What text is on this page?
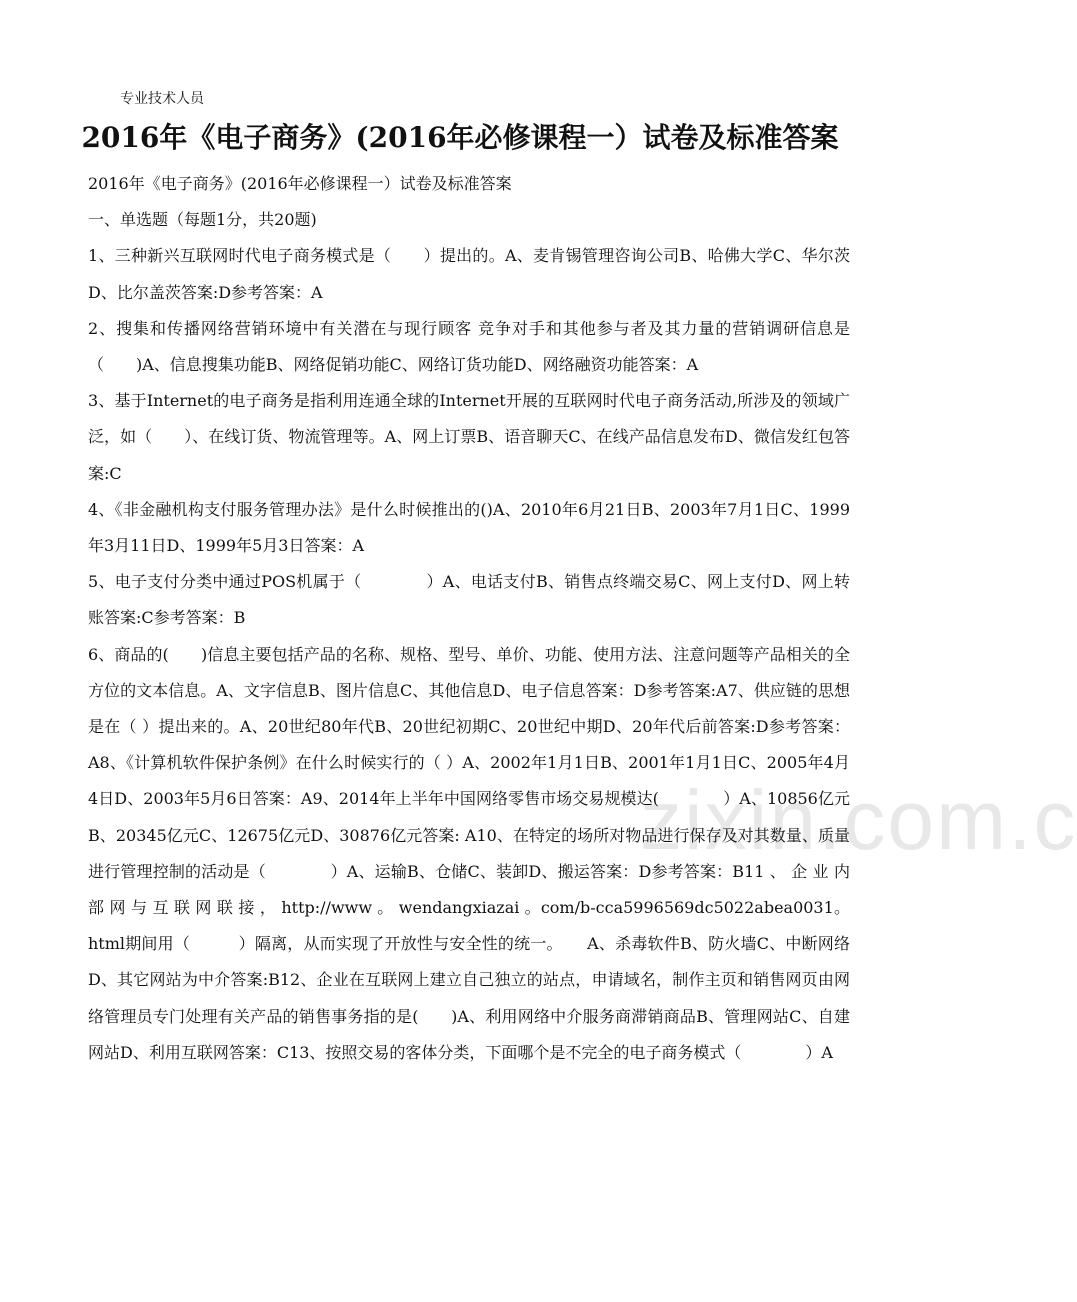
zixin.com.c
专业技术人员
2016年《电子商务》(2016年必修课程一）试卷及标准答案

2016年《电子商务》(2016年必修课程一）试卷及标准答案

一、单选题（每题1分，共20题)

1、三种新兴互联网时代电子商务模式是（　　）提出的。A、麦肯锡管理咨询公司B、哈佛大学C、华尔茨D、比尔盖茨答案:D参考答案：A

2、搜集和传播网络营销环境中有关潜在与现行顾客 竞争对手和其他参与者及其力量的营销调研信息是（　　)A、信息搜集功能B、网络促销功能C、网络订货功能D、网络融资功能答案：A

3、基于Internet的电子商务是指利用连通全球的Internet开展的互联网时代电子商务活动,所涉及的领域广泛，如（　　）、在线订货、物流管理等。A、网上订票B、语音聊天C、在线产品信息发布D、微信发红包答案:C

4、《非金融机构支付服务管理办法》是什么时候推出的()A、2010年6月21日B、2003年7月1日C、1999年3月11日D、1999年5月3日答案：A

5、电子支付分类中通过POS机属于（　　　　）A、电话支付B、销售点终端交易C、网上支付D、网上转账答案:C参考答案：B

6、商品的(　　)信息主要包括产品的名称、规格、型号、单价、功能、使用方法、注意问题等产品相关的全方位的文本信息。A、文字信息B、图片信息C、其他信息D、电子信息答案：D参考答案:A7、供应链的思想是在（ ）提出来的。A、20世纪80年代B、20世纪初期C、20世纪中期D、20年代后前答案:D参考答案：A8、《计算机软件保护条例》在什么时候实行的（ ）A、2002年1月1日B、2001年1月1日C、2005年4月4日D、2003年5月6日答案：A9、2014年上半年中国网络零售市场交易规模达(　　　　）A、10856亿元B、20345亿元C、12675亿元D、30876亿元答案: A10、在特定的场所对物品进行保存及对其数量、质量进行管理控制的活动是（　　　　）A、运输B、仓储C、装卸D、搬运答案：D参考答案：B11 、 企 业 内 部 网 与 互 联 网 联 接 ， http://www 。 wendangxiazai 。com/b-cca5996569dc5022abea0031。html期间用（　　　）隔离，从而实现了开放性与安全性的统一。　　A、杀毒软件B、防火墙C、中断网络D、其它网站为中介答案:B12、企业在互联网上建立自己独立的站点，申请域名，制作主页和销售网页由网络管理员专门处理有关产品的销售事务指的是(　　)A、利用网络中介服务商滞销商品B、管理网站C、自建网站D、利用互联网答案：C13、按照交易的客体分类，下面哪个是不完全的电子商务模式（　　　　）A
